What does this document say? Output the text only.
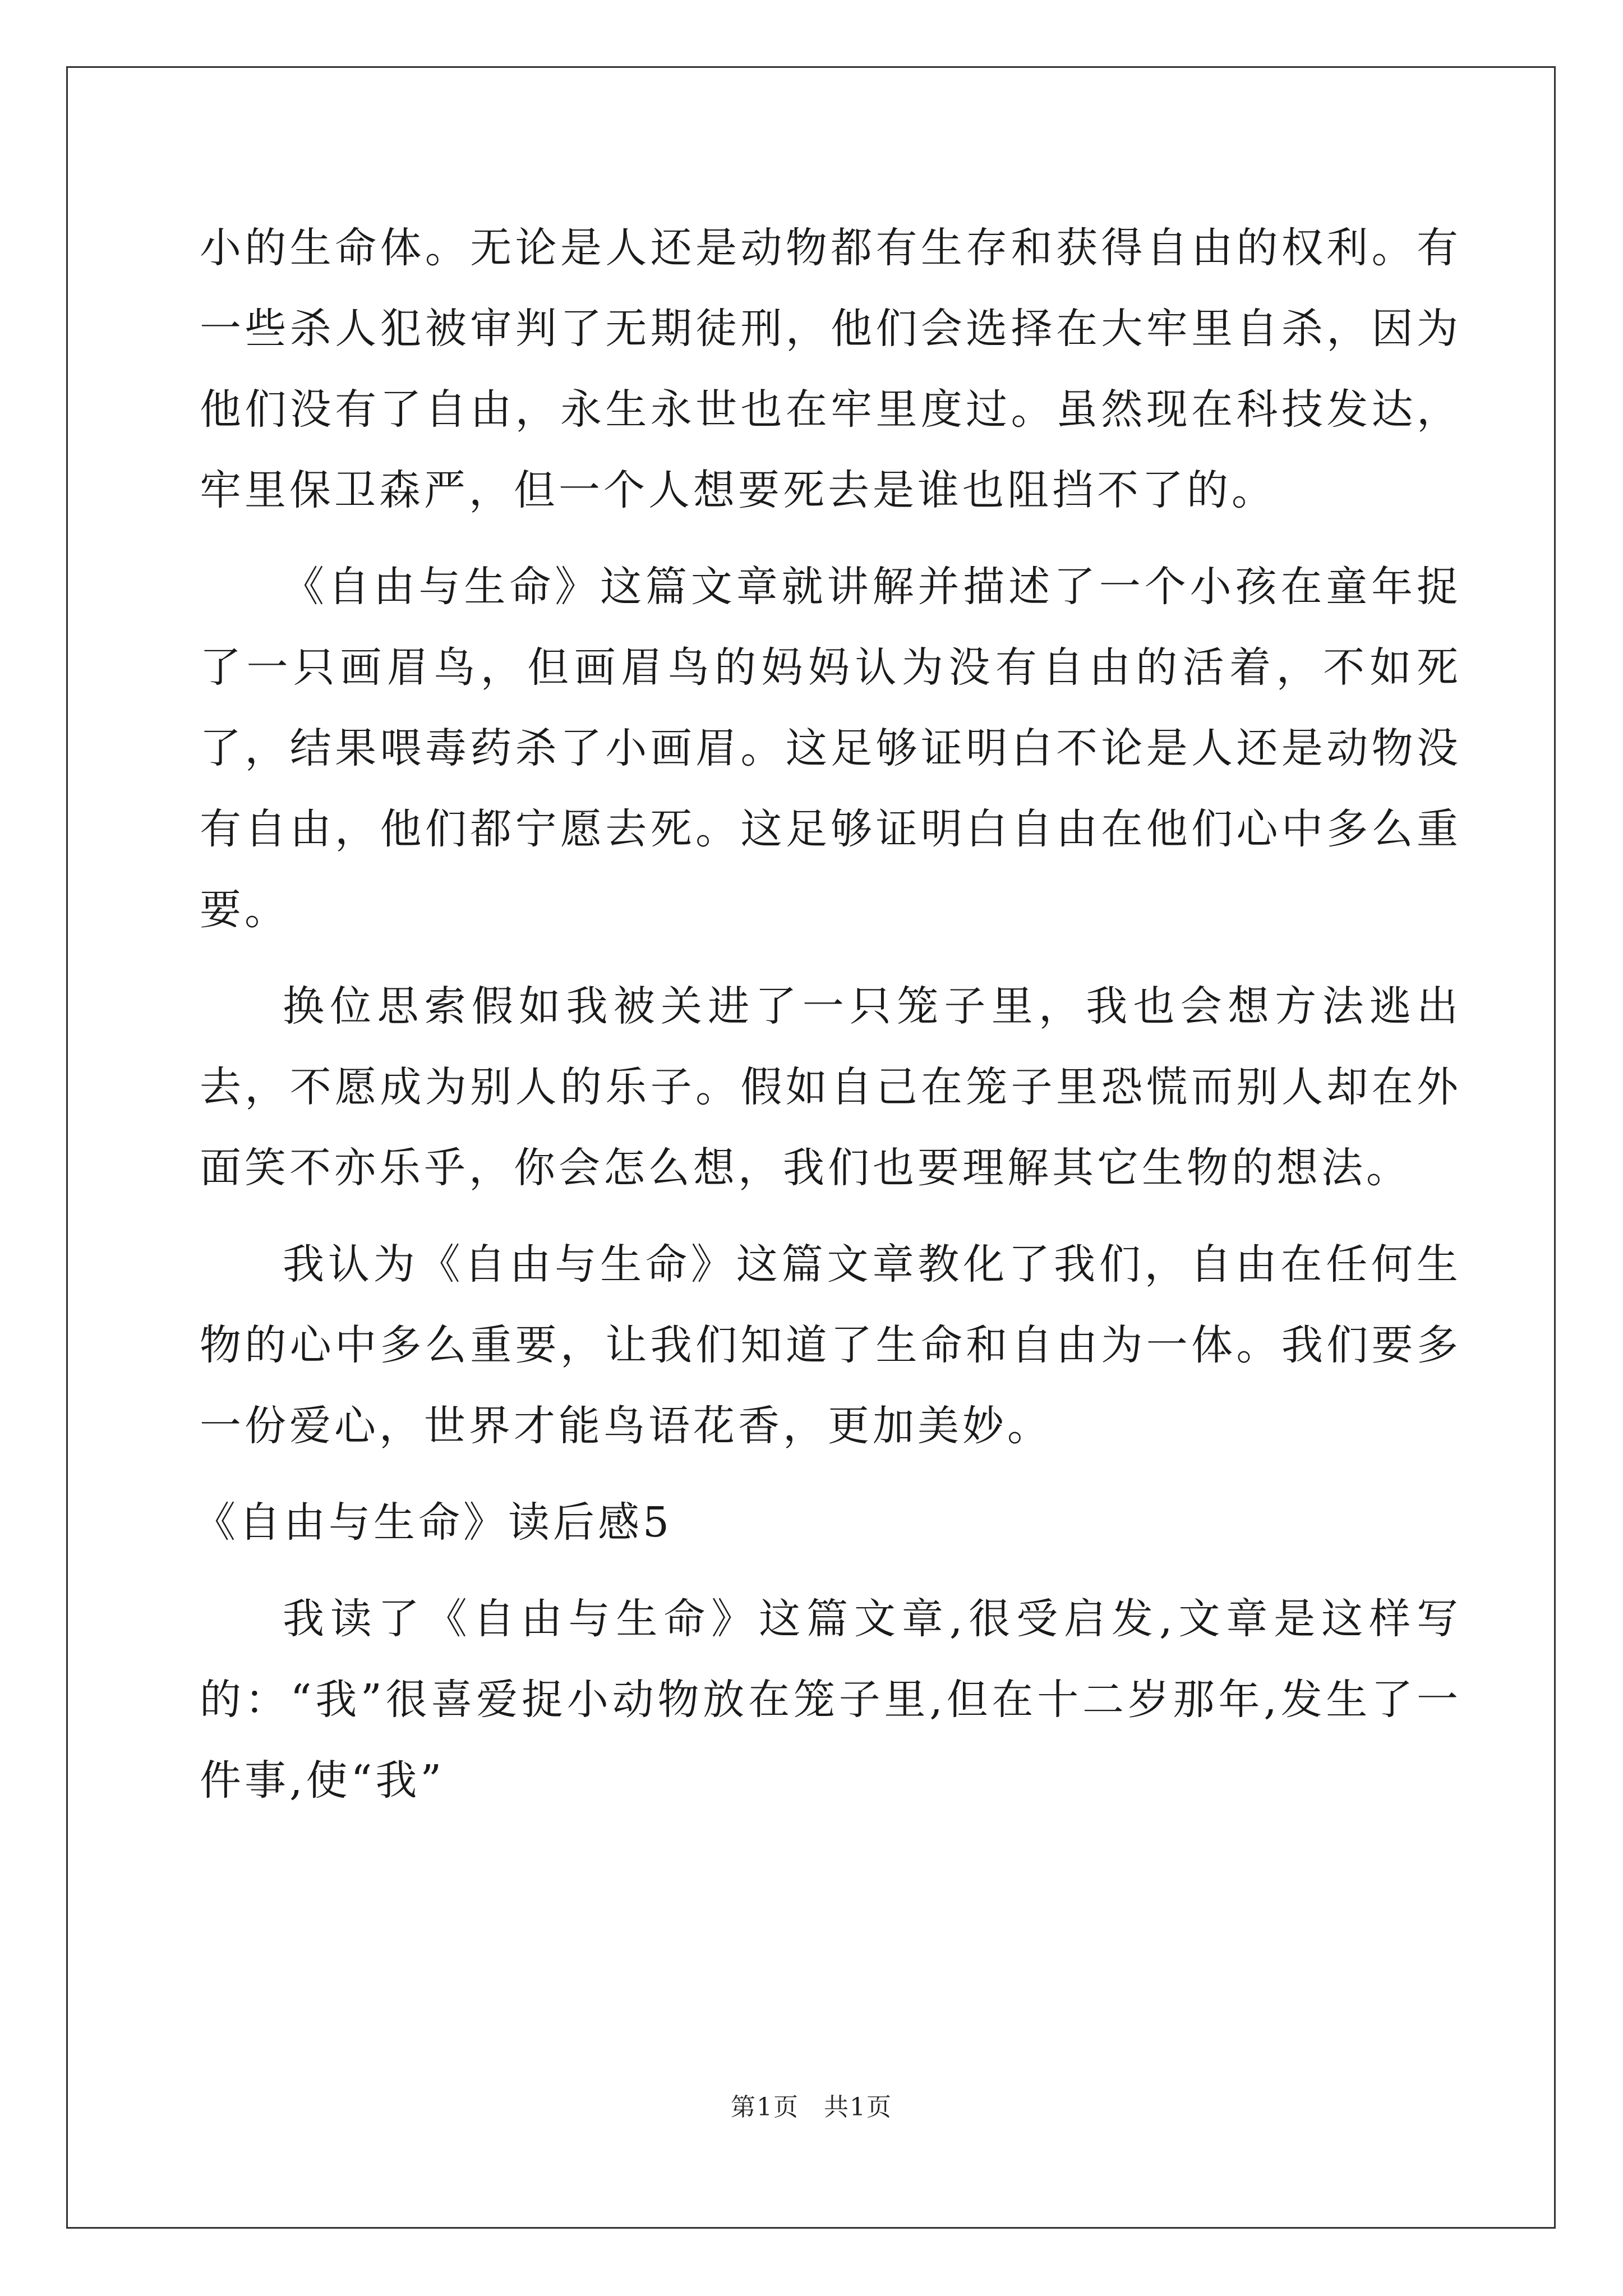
小的生命体。无论是人还是动物都有生存和获得自由的权利。有一些杀人犯被审判了无期徒刑，他们会选择在大牢里自杀，因为他们没有了自由，永生永世也在牢里度过。虽然现在科技发达，牢里保卫森严，但一个人想要死去是谁也阻挡不了的。

《自由与生命》这篇文章就讲解并描述了一个小孩在童年捉了一只画眉鸟，但画眉鸟的妈妈认为没有自由的活着，不如死了，结果喂毒药杀了小画眉。这足够证明白不论是人还是动物没有自由，他们都宁愿去死。这足够证明白自由在他们心中多么重要。

换位思索假如我被关进了一只笼子里，我也会想方法逃出去，不愿成为别人的乐子。假如自己在笼子里恐慌而别人却在外面笑不亦乐乎，你会怎么想，我们也要理解其它生物的想法。

我认为《自由与生命》这篇文章教化了我们，自由在任何生物的心中多么重要，让我们知道了生命和自由为一体。我们要多一份爱心，世界才能鸟语花香，更加美妙。

《自由与生命》读后感5

我读了《自由与生命》这篇文章,很受启发,文章是这样写的：“我”很喜爱捉小动物放在笼子里,但在十二岁那年,发生了一件事,使“我”

第1页 共1页
